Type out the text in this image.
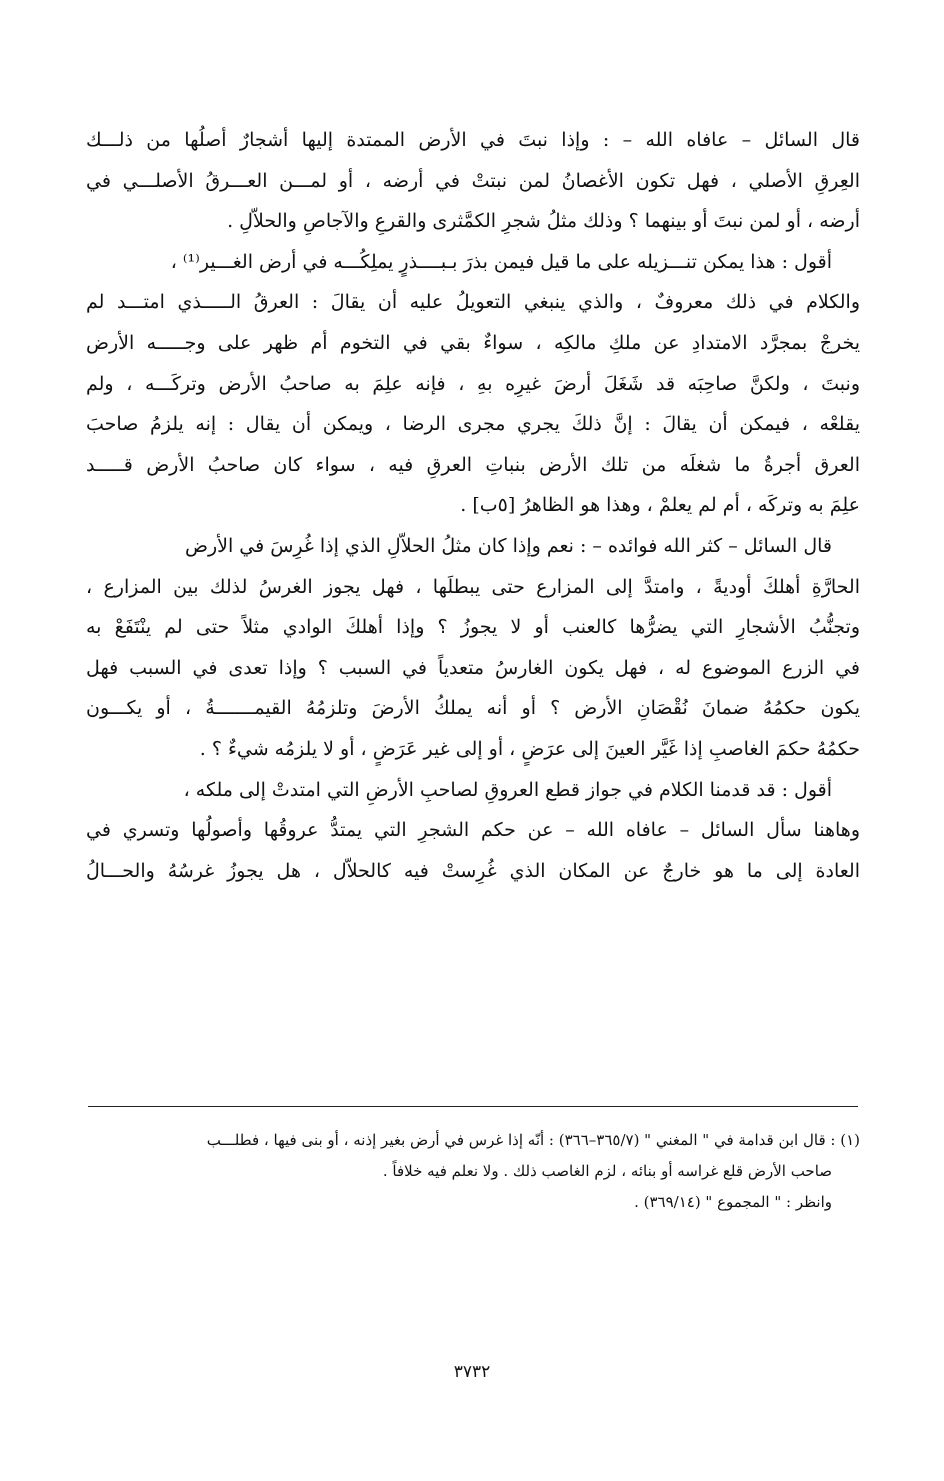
قال السائل – عافاه الله – : وإذا نبتَ في الأرض الممتدة إليها أشجارٌ أصلُها من ذلـــك
العِرقِ الأصلي ، فهل تكون الأغصانُ لمن نبتتْ في أرضه ، أو لمـــن العـــرقُ الأصلـــي في
أرضه ، أو لمن نبتَ أو بينهما ؟ وذلك مثلُ شجرِ الكمَّثرى والقرعِ والآجاصِ والحلاّلِ .
أقول : هذا يمكن تنـــزيله على ما قيل فيمن بذرَ بـبــــذرٍ يملِكُـــه في أرض الغـــير⁽¹⁾ ،
والكلام في ذلك معروفٌ ، والذي ينبغي التعويلُ عليه أن يقالَ : العرقُ الـــــذي امتـــد لم
يخرجْ بمجرَّد الامتدادِ عن ملكِ مالكِه ، سواءٌ بقي في التخوم أم ظهر على وجـــــه الأرض
ونبتَ ، ولكنَّ صاحِبَه قد شَغَلَ أرضَ غيرِه بهِ ، فإنه علِمَ به صاحبُ الأرض وتركَـــه ، ولم
يقلعْه ، فيمكن أن يقالَ : إنَّ ذلكَ يجري مجرى الرضا ، ويمكن أن يقال : إنه يلزمُ صاحبَ
العرق أجرةُ ما شغلَه من تلك الأرض بنباتِ العرقِ فيه ، سواء كان صاحبُ الأرض قـــــد
علِمَ به وتركَه ، أم لم يعلمْ ، وهذا هو الظاهرُ [٥ب] .
قال السائل – كثر الله فوائده – : نعم وإذا كان مثلُ الحلاّلِ الذي إذا غُرِسَ في الأرض
الحارَّةِ أهلكَ أوديةً ، وامتدَّ إلى المزارع حتى يبطلَها ، فهل يجوز الغرسُ لذلك بين المزارع ،
وتجنُّبُ الأشجارِ التي يضرُّها كالعنب أو لا يجوزُ ؟ وإذا أهلكَ الوادي مثلاً حتى لم ينْتَفَعْ به
في الزرع الموضوع له ، فهل يكون الغارسُ متعدياً في السبب ؟ وإذا تعدى في السبب فهل
يكون حكمُهُ ضمانَ نُقْصَانِ الأرض ؟ أو أنه يملكُ الأرضَ وتلزمُهُ القيمـــــــةُ ، أو يكـــون
حكمُهُ حكمَ الغاصبِ إذا غَيَّر العينَ إلى عرَضٍ ، أو إلى غير عَرَضٍ ، أو لا يلزمُه شيءٌ ؟ .
أقول : قد قدمنا الكلام في جواز قطع العروقِ لصاحبِ الأرضِ التي امتدتْ إلى ملكه ،
وهاهنا سأل السائل – عافاه الله – عن حكم الشجرِ التي يمتدُّ عروقُها وأصولُها وتسري في
العادة إلى ما هو خارجٌ عن المكان الذي غُرِستْ فيه كالحلاّل ، هل يجوزُ غرسُهُ والحـــالُ
(١) : قال ابن قدامة في " المغني " (٣٦٥/٧–٣٦٦) : أنّه إذا غرس في أرض بغير إذنه ، أو بنى فيها ، فطلـــب
صاحب الأرض قلع غراسه أو بنائه ، لزم الغاصب ذلك . ولا نعلم فيه خلافاً .
وانظر : " المجموع " (٣٦٩/١٤) .
٣٧٣٢
